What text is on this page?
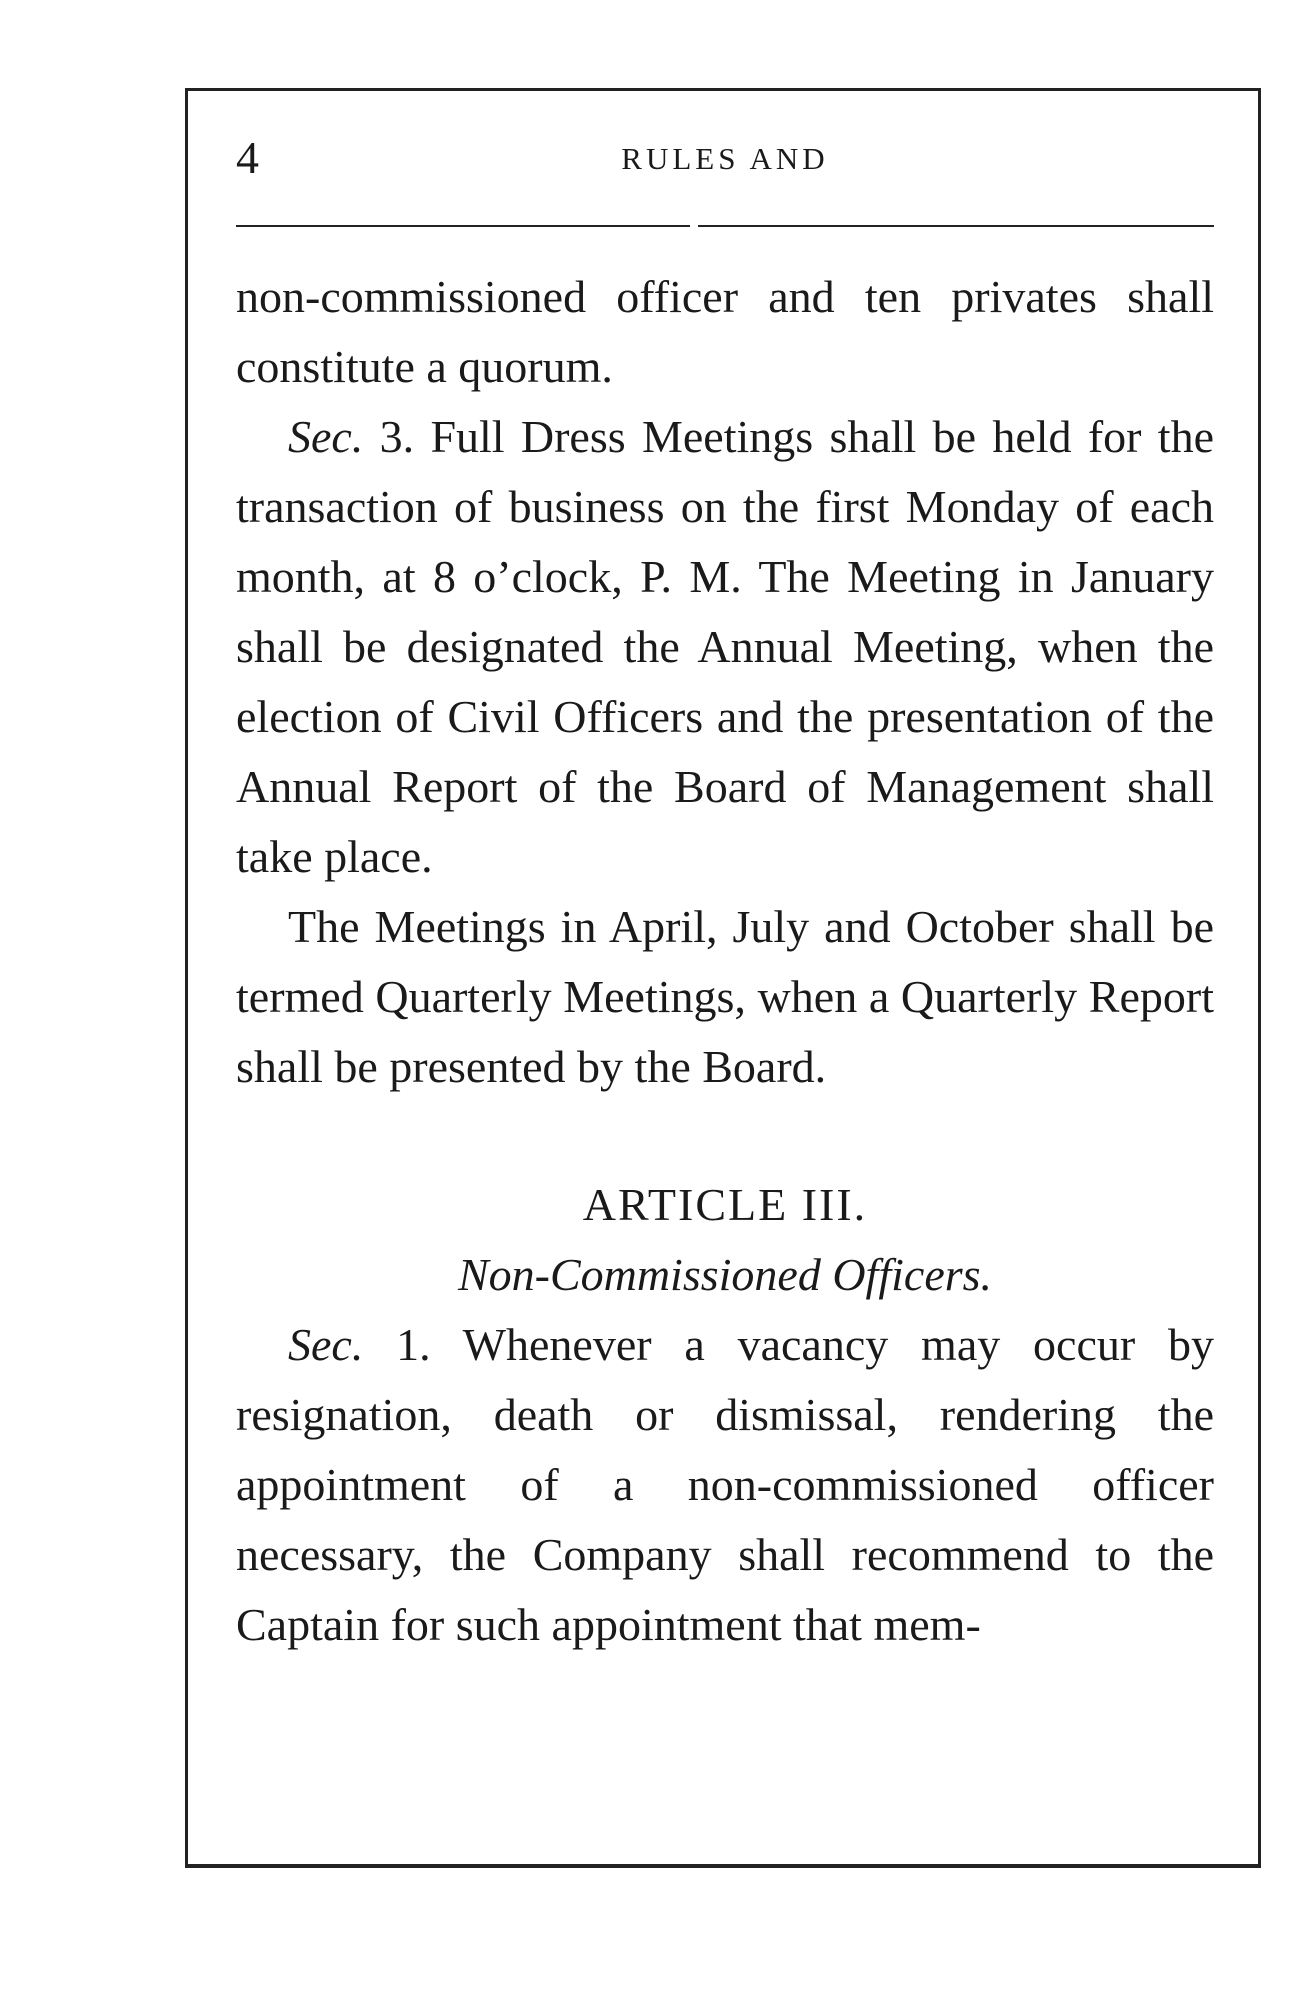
4	RULES AND

non-commissioned officer and ten privates shall constitute a quorum.

Sec. 3. Full Dress Meetings shall be held for the transaction of business on the first Monday of each month, at 8 o’clock, P. M. The Meeting in January shall be designated the Annual Meeting, when the election of Civil Officers and the presentation of the Annual Report of the Board of Management shall take place.

The Meetings in April, July and October shall be termed Quarterly Meetings, when a Quarterly Report shall be presented by the Board.

ARTICLE III.

Non-Commissioned Officers.

Sec. 1. Whenever a vacancy may occur by resignation, death or dismissal, rendering the appointment of a non-commissioned officer necessary, the Company shall recommend to the Captain for such appointment that mem-
